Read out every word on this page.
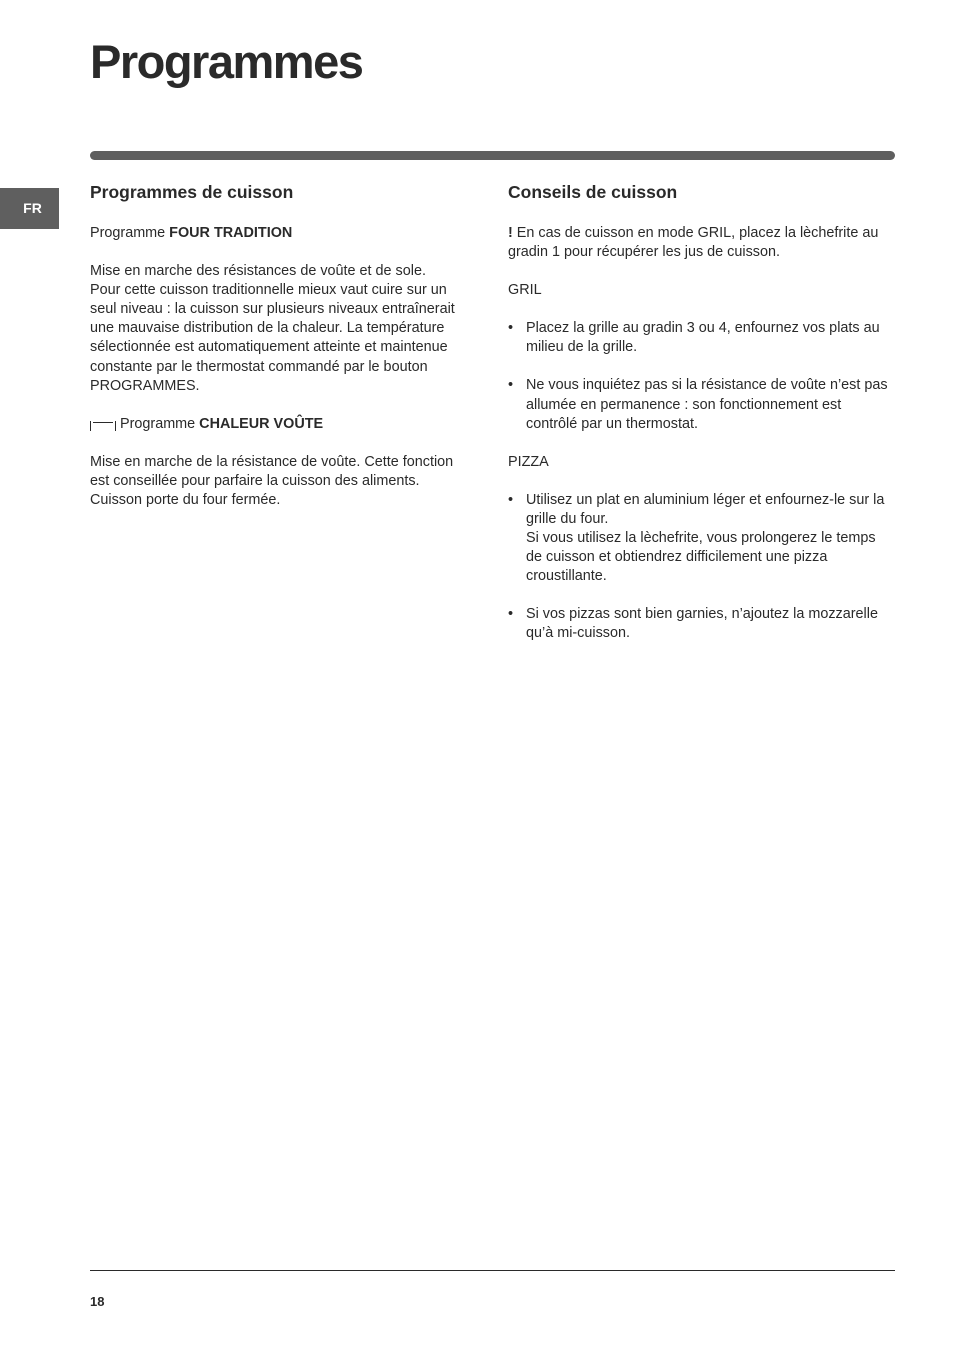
Programmes
FR
Programmes de cuisson

Programme FOUR TRADITION

Mise en marche des résistances de voûte et de sole. Pour cette cuisson traditionnelle mieux vaut cuire sur un seul niveau : la cuisson sur plusieurs niveaux entraînerait une mauvaise distribution de la chaleur. La température sélectionnée est automatiquement atteinte et maintenue constante par le thermostat commandé par le bouton PROGRAMMES.

Programme CHALEUR VOÛTE

Mise en marche de la résistance de voûte. Cette fonction est conseillée pour parfaire la cuisson des aliments. Cuisson porte du four fermée.

Conseils de cuisson

! En cas de cuisson en mode GRIL, placez la lèchefrite au gradin 1 pour récupérer les jus de cuisson.

GRIL

• Placez la grille au gradin 3 ou 4, enfournez vos plats au milieu de la grille.

• Ne vous inquiétez pas si la résistance de voûte n’est pas allumée en permanence : son fonctionnement est contrôlé par un thermostat.

PIZZA

• Utilisez un plat en aluminium léger et enfournez-le sur la grille du four.
Si vous utilisez la lèchefrite, vous prolongerez le temps de cuisson et obtiendrez difficilement une pizza croustillante.

• Si vos pizzas sont bien garnies, n’ajoutez la mozzarelle qu’à mi-cuisson.

18
